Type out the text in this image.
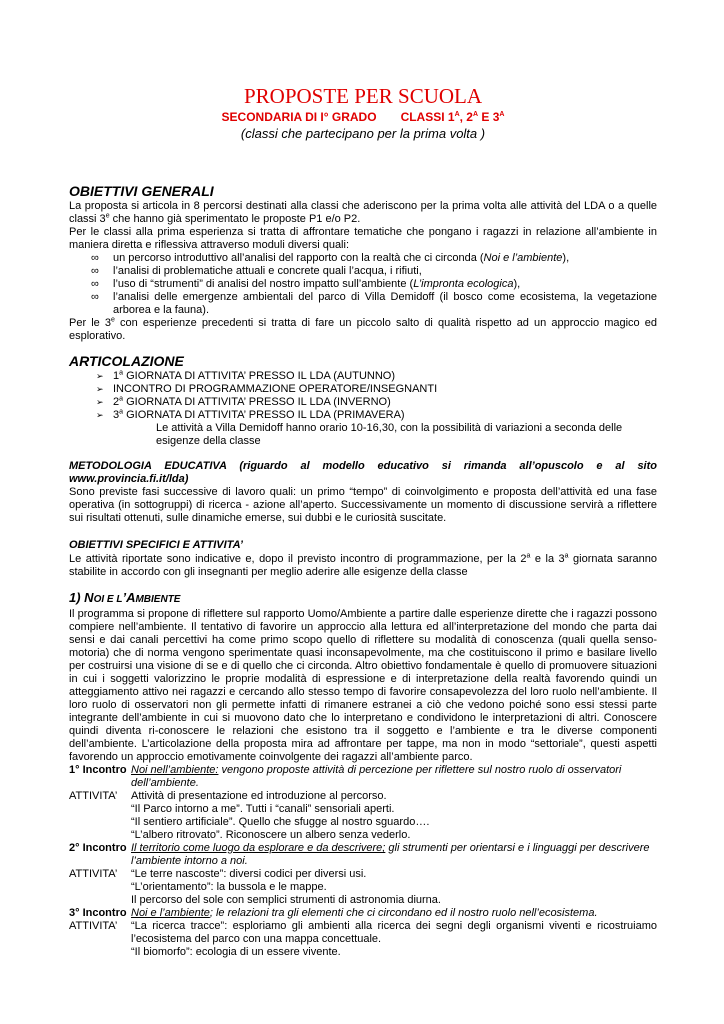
PROPOSTE PER SCUOLA
SECONDARIA DI I° GRADO CLASSI $1^A$, $2^A$ E $3^A$
(classi che partecipano per la prima volta )
OBIETTIVI GENERALI

La proposta si articola in 8 percorsi destinati alla classi che aderiscono per la prima volta alle attività del LDA o a quelle classi 3e che hanno già sperimentato le proposte P1 e/o P2.

Per le classi alla prima esperienza si tratta di affrontare tematiche che pongano i ragazzi in relazione all’ambiente in maniera diretta e riflessiva attraverso moduli diversi quali:

∞ un percorso introduttivo all’analisi del rapporto con la realtà che ci circonda (Noi e l’ambiente),
∞ l’analisi di problematiche attuali e concrete quali l’acqua, i rifiuti,
∞ l’uso di “strumenti” di analisi del nostro impatto sull’ambiente (L’impronta ecologica),
∞ l’analisi delle emergenze ambientali del parco di Villa Demidoff (il bosco come ecosistema, la vegetazione arborea e la fauna).

Per le 3e con esperienze precedenti si tratta di fare un piccolo salto di qualità rispetto ad un approccio magico ed esplorativo.

ARTICOLAZIONE
➢ 1$^a$ GIORNATA DI ATTIVITA’ PRESSO IL LDA (AUTUNNO)
➢ INCONTRO DI PROGRAMMAZIONE OPERATORE/INSEGNANTI
➢ 2$^a$ GIORNATA DI ATTIVITA’ PRESSO IL LDA (INVERNO)
➢ 3$^a$ GIORNATA DI ATTIVITA’ PRESSO IL LDA (PRIMAVERA)
Le attività a Villa Demidoff hanno orario 10-16,30, con la possibilità di variazioni a seconda delle esigenze della classe

METODOLOGIA EDUCATIVA (riguardo al modello educativo si rimanda all’opuscolo e al sito www.provincia.fi.it/lda)

Sono previste fasi successive di lavoro quali: un primo “tempo” di coinvolgimento e proposta dell’attività ed una fase operativa (in sottogruppi) di ricerca - azione all’aperto. Successivamente un momento di discussione servirà a riflettere sui risultati ottenuti, sulle dinamiche emerse, sui dubbi e le curiosità suscitate.

OBIETTIVI SPECIFICI E ATTIVITA’

Le attività riportate sono indicative e, dopo il previsto incontro di programmazione, per la 2$^a$ e la 3$^a$ giornata saranno stabilite in accordo con gli insegnanti per meglio aderire alle esigenze della classe

1) NOI E L’AMBIENTE

Il programma si propone di riflettere sul rapporto Uomo/Ambiente a partire dalle esperienze dirette che i ragazzi possono compiere nell’ambiente. Il tentativo di favorire un approccio alla lettura ed all’interpretazione del mondo che parta dai sensi e dai canali percettivi ha come primo scopo quello di riflettere su modalità di conoscenza (quali quella senso-motoria) che di norma vengono sperimentate quasi inconsapevolmente, ma che costituiscono il primo e basilare livello per costruirsi una visione di se e di quello che ci circonda. Altro obiettivo fondamentale è quello di promuovere situazioni in cui i soggetti valorizzino le proprie modalità di espressione e di interpretazione della realtà favorendo quindi un atteggiamento attivo nei ragazzi e cercando allo stesso tempo di favorire consapevolezza del loro ruolo nell’ambiente. Il loro ruolo di osservatori non gli permette infatti di rimanere estranei a ciò che vedono poiché sono essi stessi parte integrante dell’ambiente in cui si muovono dato che lo interpretano e condividono le interpretazioni di altri. Conoscere quindi diventa ri-conoscere le relazioni che esistono tra il soggetto e l’ambiente e tra le diverse componenti dell’ambiente. L’articolazione della proposta mira ad affrontare per tappe, ma non in modo “settoriale”, questi aspetti favorendo un approccio emotivamente coinvolgente dei ragazzi all’ambiente parco.

1° Incontro Noi nell’ambiente: vengono proposte attività di percezione per riflettere sul nostro ruolo di osservatori dell’ambiente.
ATTIVITA’	Attività di presentazione ed introduzione al percorso.
“Il Parco intorno a me”. Tutti i “canali” sensoriali aperti.
“Il sentiero artificiale”. Quello che sfugge al nostro sguardo….
“L’albero ritrovato”. Riconoscere un albero senza vederlo.
2° Incontro Il territorio come luogo da esplorare e da descrivere; gli strumenti per orientarsi e i linguaggi per descrivere l’ambiente intorno a noi.
ATTIVITA’	“Le terre nascoste”: diversi codici per diversi usi.
“L’orientamento”: la bussola e le mappe.
Il percorso del sole con semplici strumenti di astronomia diurna.
3° Incontro Noi e l’ambiente; le relazioni tra gli elementi che ci circondano ed il nostro ruolo nell’ecosistema.
ATTIVITA’	“La ricerca tracce”: esploriamo gli ambienti alla ricerca dei segni degli organismi viventi e ricostruiamo l’ecosistema del parco con una mappa concettuale.
“Il biomorfo”: ecologia di un essere vivente.
